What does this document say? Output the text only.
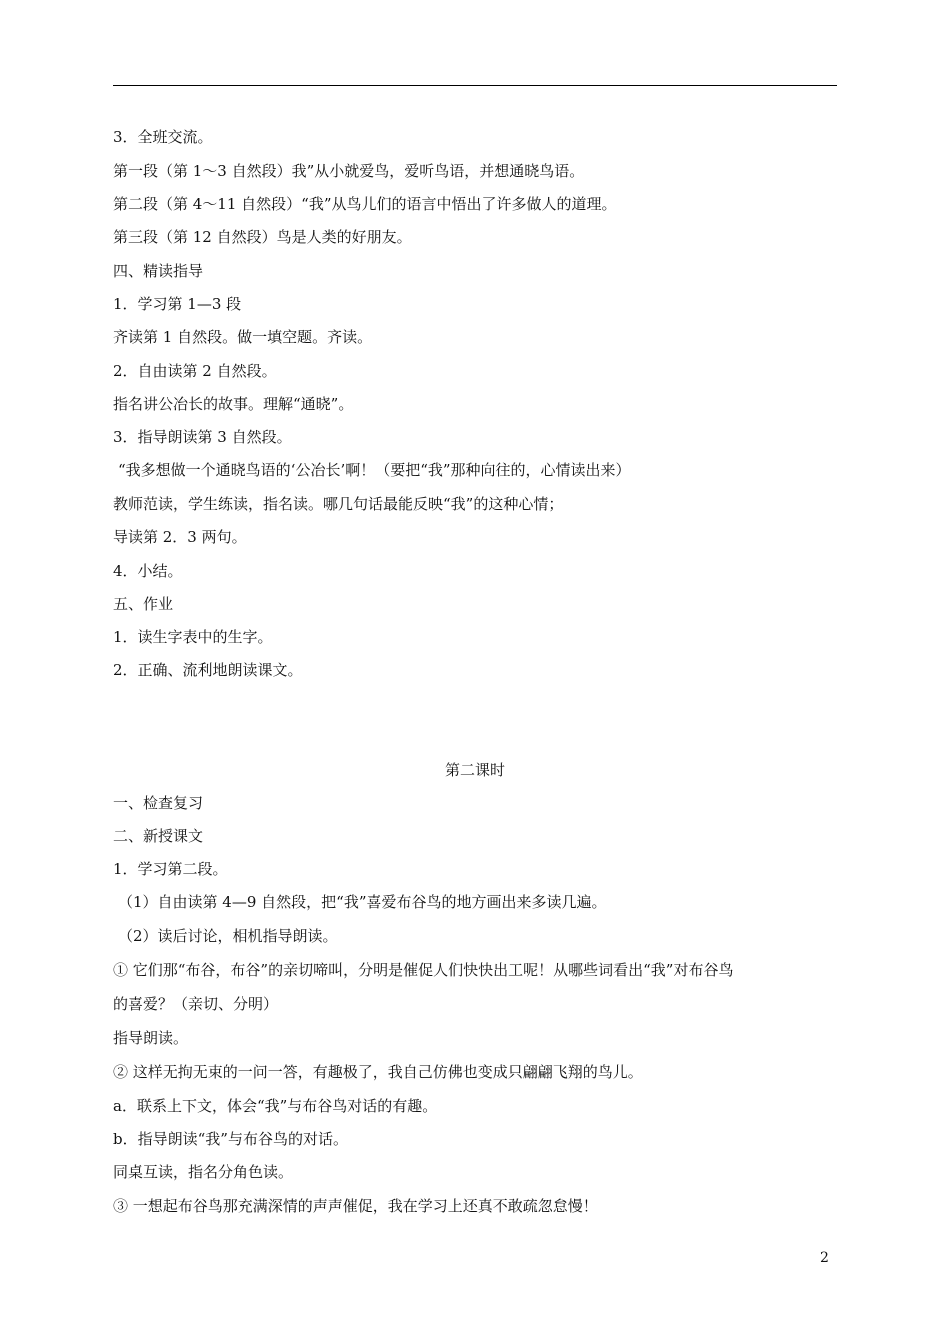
3．全班交流。
第一段（第 1～3 自然段）我”从小就爱鸟，爱听鸟语，并想通晓鸟语。
第二段（第 4～11 自然段）“我”从鸟儿们的语言中悟出了许多做人的道理。
第三段（第 12 自然段）鸟是人类的好朋友。
四、精读指导
1．学习第 1—3 段
齐读第 1 自然段。做一填空题。齐读。
2．自由读第 2 自然段。
指名讲公冶长的故事。理解“通晓”。
3．指导朗读第 3 自然段。
“我多想做一个通晓鸟语的‘公冶长’啊！（要把“我”那种向往的，心情读出来）
教师范读，学生练读，指名读。哪几句话最能反映“我”的这种心情；
导读第 2．3 两句。
4．小结。
五、作业
1．读生字表中的生字。
2．正确、流利地朗读课文。
第二课时
一、检查复习
二、新授课文
1．学习第二段。
（1）自由读第 4—9 自然段，把“我”喜爱布谷鸟的地方画出来多读几遍。
（2）读后讨论，相机指导朗读。
① 它们那“布谷，布谷”的亲切啼叫，分明是催促人们快快出工呢！从哪些词看出“我”对布谷鸟
的喜爱？（亲切、分明）
指导朗读。
② 这样无拘无束的一问一答，有趣极了，我自己仿佛也变成只翩翩飞翔的鸟儿。
a．联系上下文，体会“我”与布谷鸟对话的有趣。
b．指导朗读“我”与布谷鸟的对话。
同桌互读，指名分角色读。
③ 一想起布谷鸟那充满深情的声声催促，我在学习上还真不敢疏忽怠慢！
2
